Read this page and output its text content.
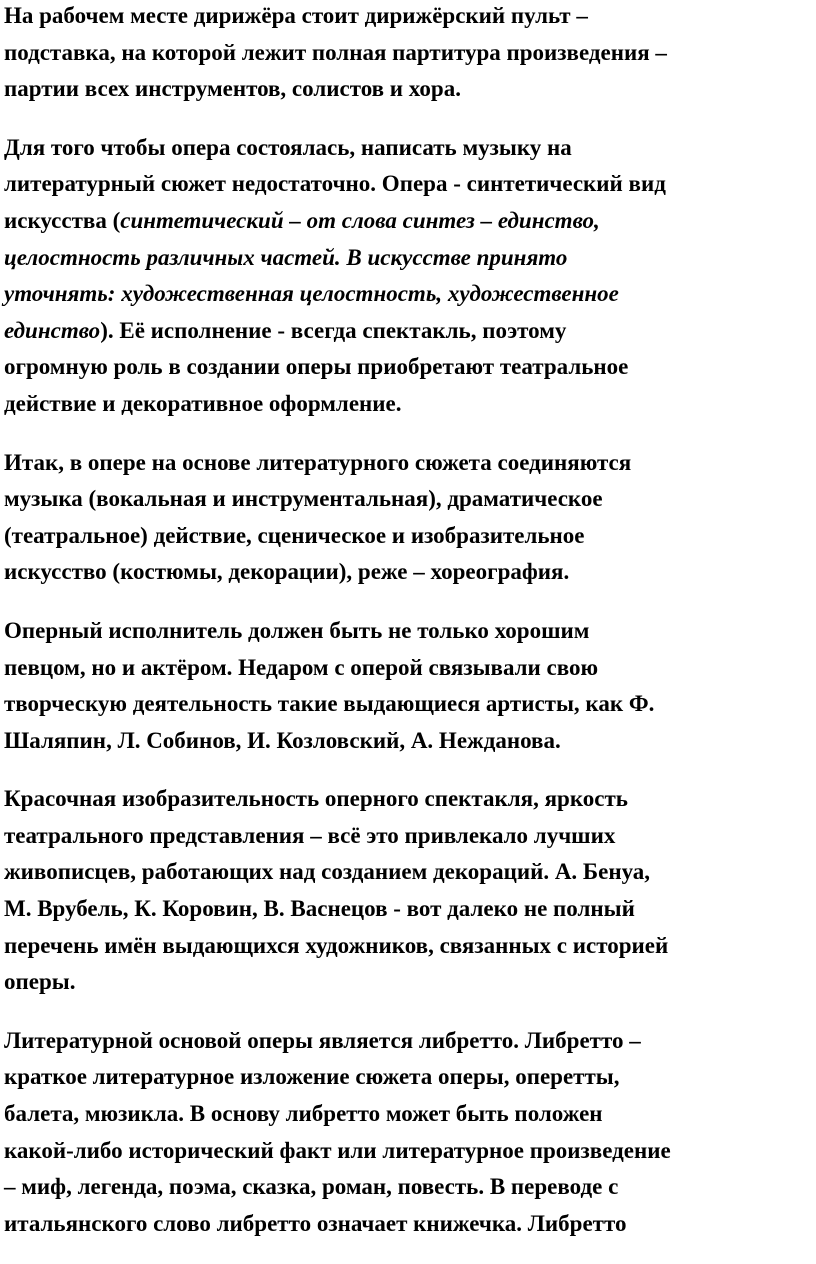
На рабочем месте дирижёра стоит дирижёрский пульт –
подставка, на которой лежит полная партитура произведения –
партии всех инструментов, солистов и хора.

Для того чтобы опера состоялась, написать музыку на
литературный сюжет недостаточно. Опера - синтетический вид
искусства (синтетический – от слова синтез – единство,
целостность различных частей. В искусстве принято
уточнять: художественная целостность, художественное
единство). Её исполнение - всегда спектакль, поэтому
огромную роль в создании оперы приобретают театральное
действие и декоративное оформление.

Итак, в опере на основе литературного сюжета соединяются
музыка (вокальная и инструментальная), драматическое
(театральное) действие, сценическое и изобразительное
искусство (костюмы, декорации), реже – хореография.

Оперный исполнитель должен быть не только хорошим
певцом, но и актёром. Недаром с оперой связывали свою
творческую деятельность такие выдающиеся артисты, как Ф.
Шаляпин, Л. Собинов, И. Козловский, А. Нежданова.

Красочная изобразительность оперного спектакля, яркость
театрального представления – всё это привлекало лучших
живописцев, работающих над созданием декораций. А. Бенуа,
М. Врубель, К. Коровин, В. Васнецов - вот далеко не полный
перечень имён выдающихся художников, связанных с историей
оперы.

Литературной основой оперы является либретто. Либретто –
краткое литературное изложение сюжета оперы, оперетты,
балета, мюзикла. В основу либретто может быть положен
какой-либо исторический факт или литературное произведение
– миф, легенда, поэма, сказка, роман, повесть. В переводе с
итальянского слово либретто означает книжечка. Либретто
